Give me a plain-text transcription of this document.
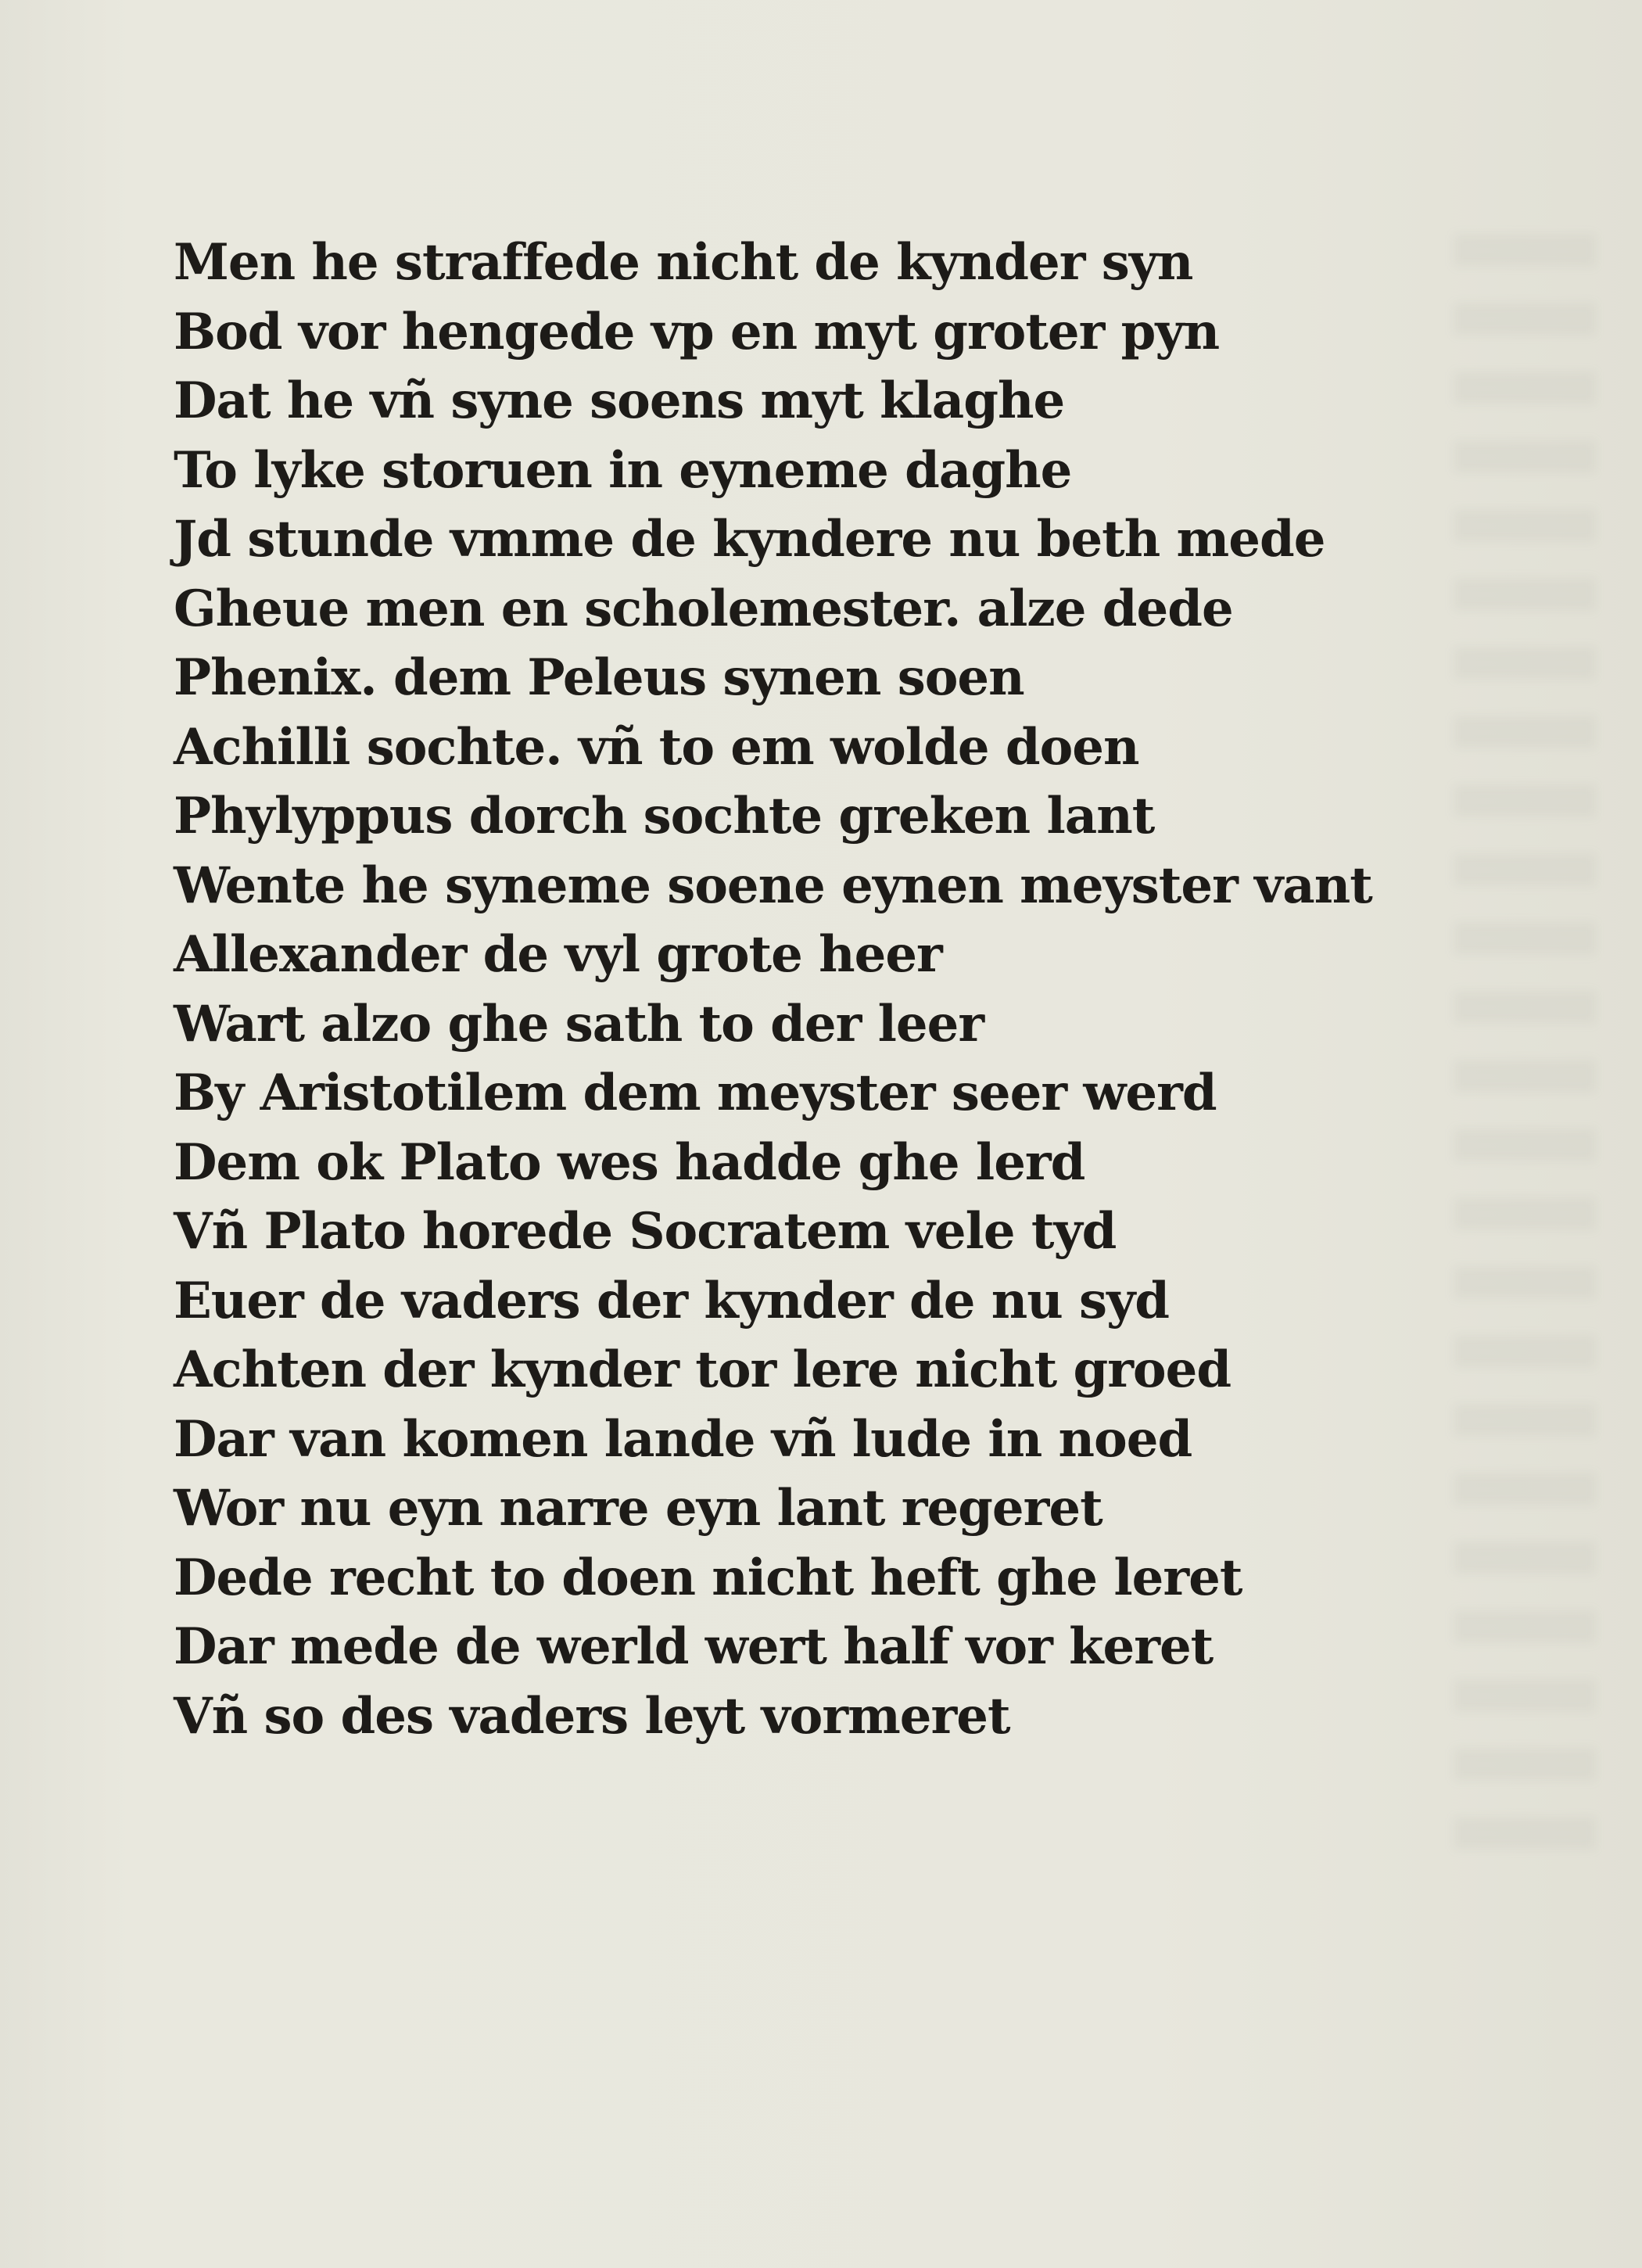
Men he straffede nicht de kynder syn
Bod vor hengede vp en myt groter pyn
Dat he vñ syne soens myt klaghe
To lyke storuen in eyneme daghe
Jd stunde vmme de kyndere nu beth mede
Gheue men en scholemester. alze dede
Phenix. dem Peleus synen soen
Achilli sochte. vñ to em wolde doen
Phylyppus dorch sochte greken lant
Wente he syneme soene eynen meyster vant
Allexander de vyl grote heer
Wart alzo ghe sath to der leer
By Aristotilem dem meyster seer werd
Dem ok Plato wes hadde ghe lerd
Vñ Plato horede Socratem vele tyd
Euer de vaders der kynder de nu syd
Achten der kynder tor lere nicht groed
Dar van komen lande vñ lude in noed
Wor nu eyn narre eyn lant regeret
Dede recht to doen nicht heft ghe leret
Dar mede de werld wert half vor keret
Vñ so des vaders leyt vormeret
